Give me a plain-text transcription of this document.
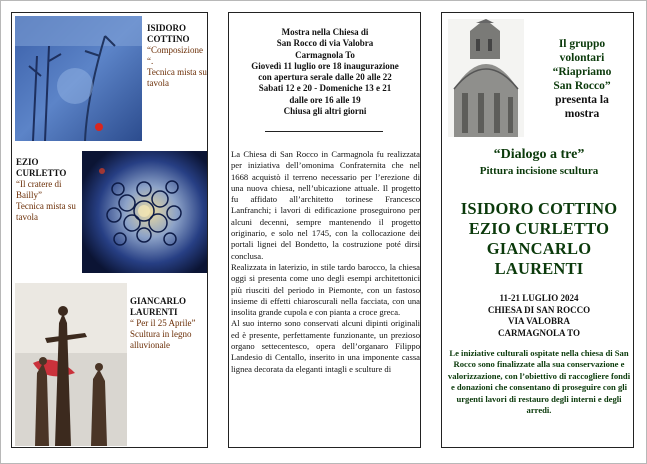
ISIDORO COTTINO
“Composizione “.
Tecnica mista su tavola
EZIO CURLETTO
“Il cratere di Bailly”
Tecnica mista su tavola
GIANCARLO LAURENTI
“ Per il 25 Aprile”
Scultura in legno alluvionale
Mostra nella Chiesa di
San Rocco di via Valobra
Carmagnola To
Giovedì 11 luglio ore 18 inaugurazione
con apertura serale dalle 20 alle 22
Sabati 12 e 20 - Domeniche 13 e 21
dalle ore 16 alle 19
Chiusa gli altri giorni

La Chiesa di San Rocco in Carmagnola fu realizzata per iniziativa dell’omonima Confraternita che nel 1668 acquistò il terreno necessario per l’erezione di una nuova chiesa, nell’ubicazione attuale. Il progetto fu affidato all’architetto torinese Francesco Lanfranchi; i lavori di edificazione proseguirono per alcuni decenni, sempre mantenendo il progetto originario, e solo nel 1745, con la collocazione dei portali lignei del Bondetto, la costruzione poté dirsi conclusa.

Realizzata in laterizio, in stile tardo barocco, la chiesa oggi si presenta come uno degli esempi architettonici più riusciti del periodo in Piemonte, con un fastoso insieme di effetti chiaroscurali nella facciata, con una insolita grande cupola e con pianta a croce greca.

Al suo interno sono conservati alcuni dipinti originali ed è presente, perfettamente funzionante, un prezioso organo settecentesco, opera dell’organaro Filippo Landesio di Centallo, inserito in una imponente cassa lignea decorata da eleganti intagli e sculture di

Il gruppo
volontari
“Riapriamo
San Rocco”
presenta la
mostra
“Dialogo a tre”
Pittura incisione scultura
ISIDORO COTTINO
EZIO CURLETTO
GIANCARLO
LAURENTI
11-21 LUGLIO 2024
CHIESA DI SAN ROCCO
VIA VALOBRA
CARMAGNOLA TO
Le iniziative culturali ospitate nella chiesa di San Rocco sono finalizzate alla sua conservazione e valorizzazione, con l’obiettivo di raccogliere fondi e donazioni che consentano di proseguire con gli urgenti lavori di restauro degli interni e degli arredi.
